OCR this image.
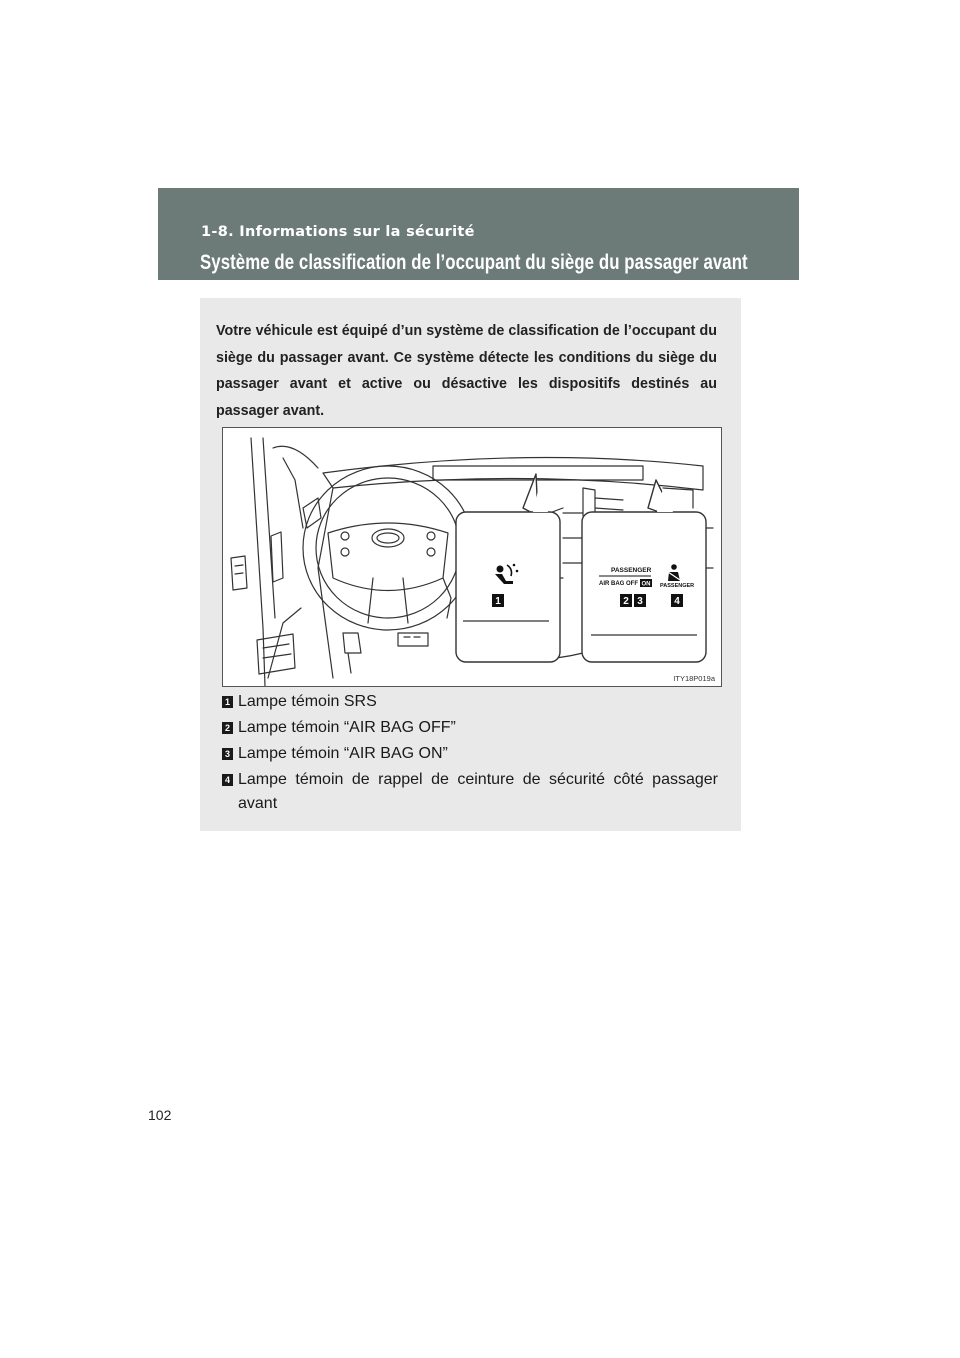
1-8. Informations sur la sécurité
Système de classification de l’occupant du siège du passager avant
Votre véhicule est équipé d’un système de classification de l’occupant du siège du passager avant. Ce système détecte les conditions du siège du passager avant et active ou désactive les dispositifs destinés au passager avant.
1
PASSENGER
AIR BAG OFF ON PASSENGER
2 3	4
ITY18P019a
1 Lampe témoin SRS
2 Lampe témoin “AIR BAG OFF”
3 Lampe témoin “AIR BAG ON”
4 Lampe témoin de rappel de ceinture de sécurité côté passager avant
102
